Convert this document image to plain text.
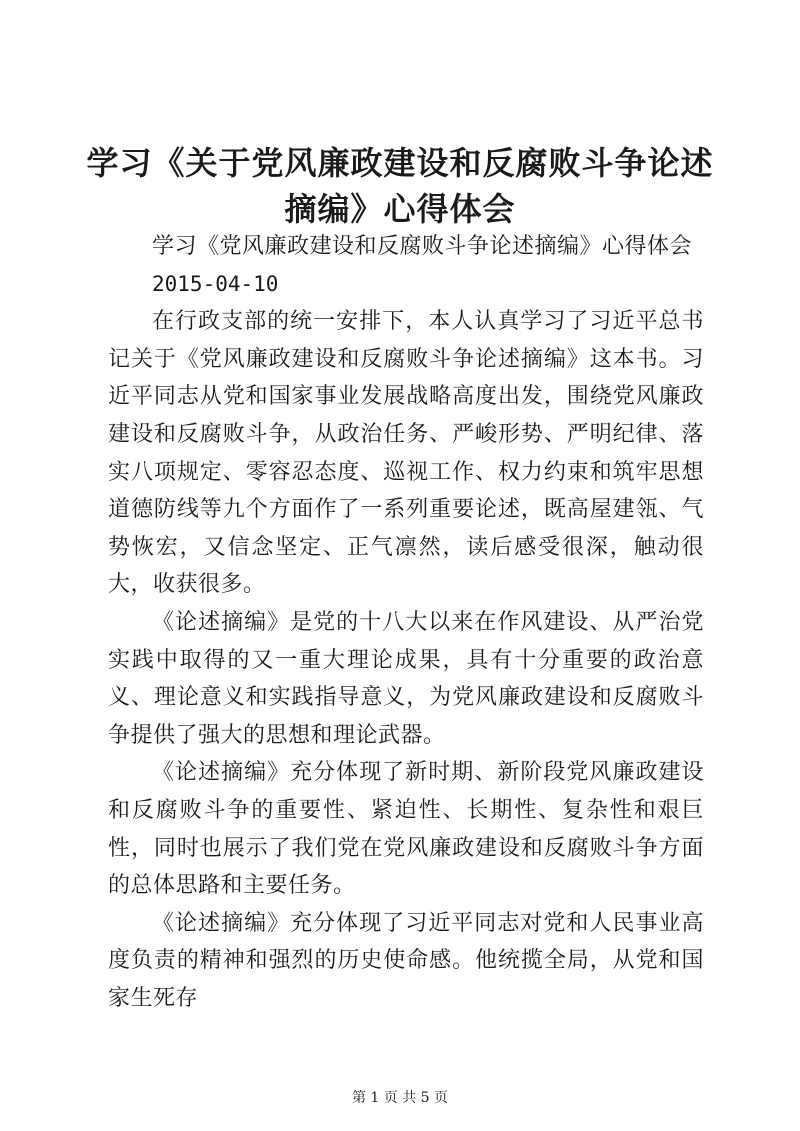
学习《关于党风廉政建设和反腐败斗争论述摘编》心得体会

学习《党风廉政建设和反腐败斗争论述摘编》心得体会

2015-04-10

在行政支部的统一安排下，本人认真学习了习近平总书记关于《党风廉政建设和反腐败斗争论述摘编》这本书。习近平同志从党和国家事业发展战略高度出发，围绕党风廉政建设和反腐败斗争，从政治任务、严峻形势、严明纪律、落实八项规定、零容忍态度、巡视工作、权力约束和筑牢思想道德防线等九个方面作了一系列重要论述，既高屋建瓴、气势恢宏，又信念坚定、正气凛然，读后感受很深，触动很大，收获很多。

《论述摘编》是党的十八大以来在作风建设、从严治党实践中取得的又一重大理论成果，具有十分重要的政治意义、理论意义和实践指导意义，为党风廉政建设和反腐败斗争提供了强大的思想和理论武器。

《论述摘编》充分体现了新时期、新阶段党风廉政建设和反腐败斗争的重要性、紧迫性、长期性、复杂性和艰巨性，同时也展示了我们党在党风廉政建设和反腐败斗争方面的总体思路和主要任务。

《论述摘编》充分体现了习近平同志对党和人民事业高度负责的精神和强烈的历史使命感。他统揽全局，从党和国家生死存

第 1 页 共 5 页
